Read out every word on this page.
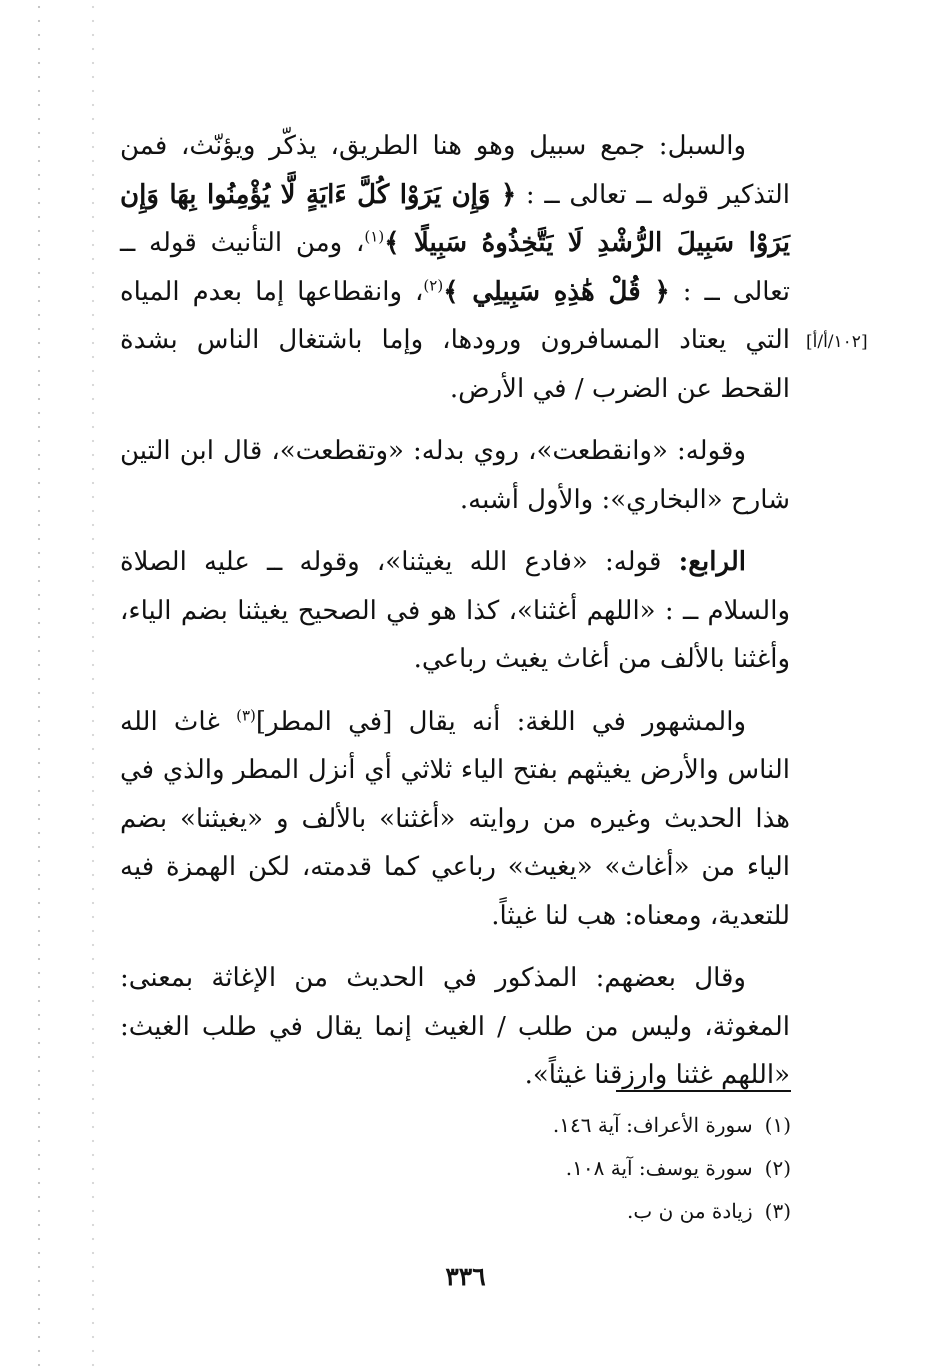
[١٠٢/أ/أ]

والسبل: جمع سبيل وهو هنا الطريق، يذكّر ويؤنّث، فمن التذكير قوله ــ تعالى ــ : ﴿ وَإِن يَرَوْا كُلَّ ءَايَةٍ لَّا يُؤْمِنُوا بِهَا وَإِن يَرَوْا سَبِيلَ الرُّشْدِ لَا يَتَّخِذُوهُ سَبِيلًا ﴾$^{(١)}$، ومن التأنيث قوله ــ تعالى ــ : ﴿ قُلْ هَٰذِهِ سَبِيلِي ﴾$^{(٢)}$، وانقطاعها إما بعدم المياه التي يعتاد المسافرون ورودها، وإما باشتغال الناس بشدة القحط عن الضرب / في الأرض.

وقوله: «وانقطعت»، روي بدله: «وتقطعت»، قال ابن التين شارح «البخاري»: والأول أشبه.

الرابع: قوله: «فادع الله يغيثنا»، وقوله ــ عليه الصلاة والسلام ــ : «اللهم أغثنا»، كذا هو في الصحيح يغيثنا بضم الياء، وأغثنا بالألف من أغاث يغيث رباعي.

والمشهور في اللغة: أنه يقال [في المطر]$^{(٣)}$ غاث الله الناس والأرض يغيثهم بفتح الياء ثلاثي أي أنزل المطر والذي في هذا الحديث وغيره من روايته «أغثنا» بالألف و «يغيثنا» بضم الياء من «أغاث» «يغيث» رباعي كما قدمته، لكن الهمزة فيه للتعدية، ومعناه: هب لنا غيثاً.

وقال بعضهم: المذكور في الحديث من الإغاثة بمعنى: المغوثة، وليس من طلب / الغيث إنما يقال في طلب الغيث: «اللهم غثنا وارزقنا غيثاً».

(١)سورة الأعراف: آية ١٤٦.
(٢)سورة يوسف: آية ١٠٨.
(٣)زيادة من ن ب.
٣٣٦
